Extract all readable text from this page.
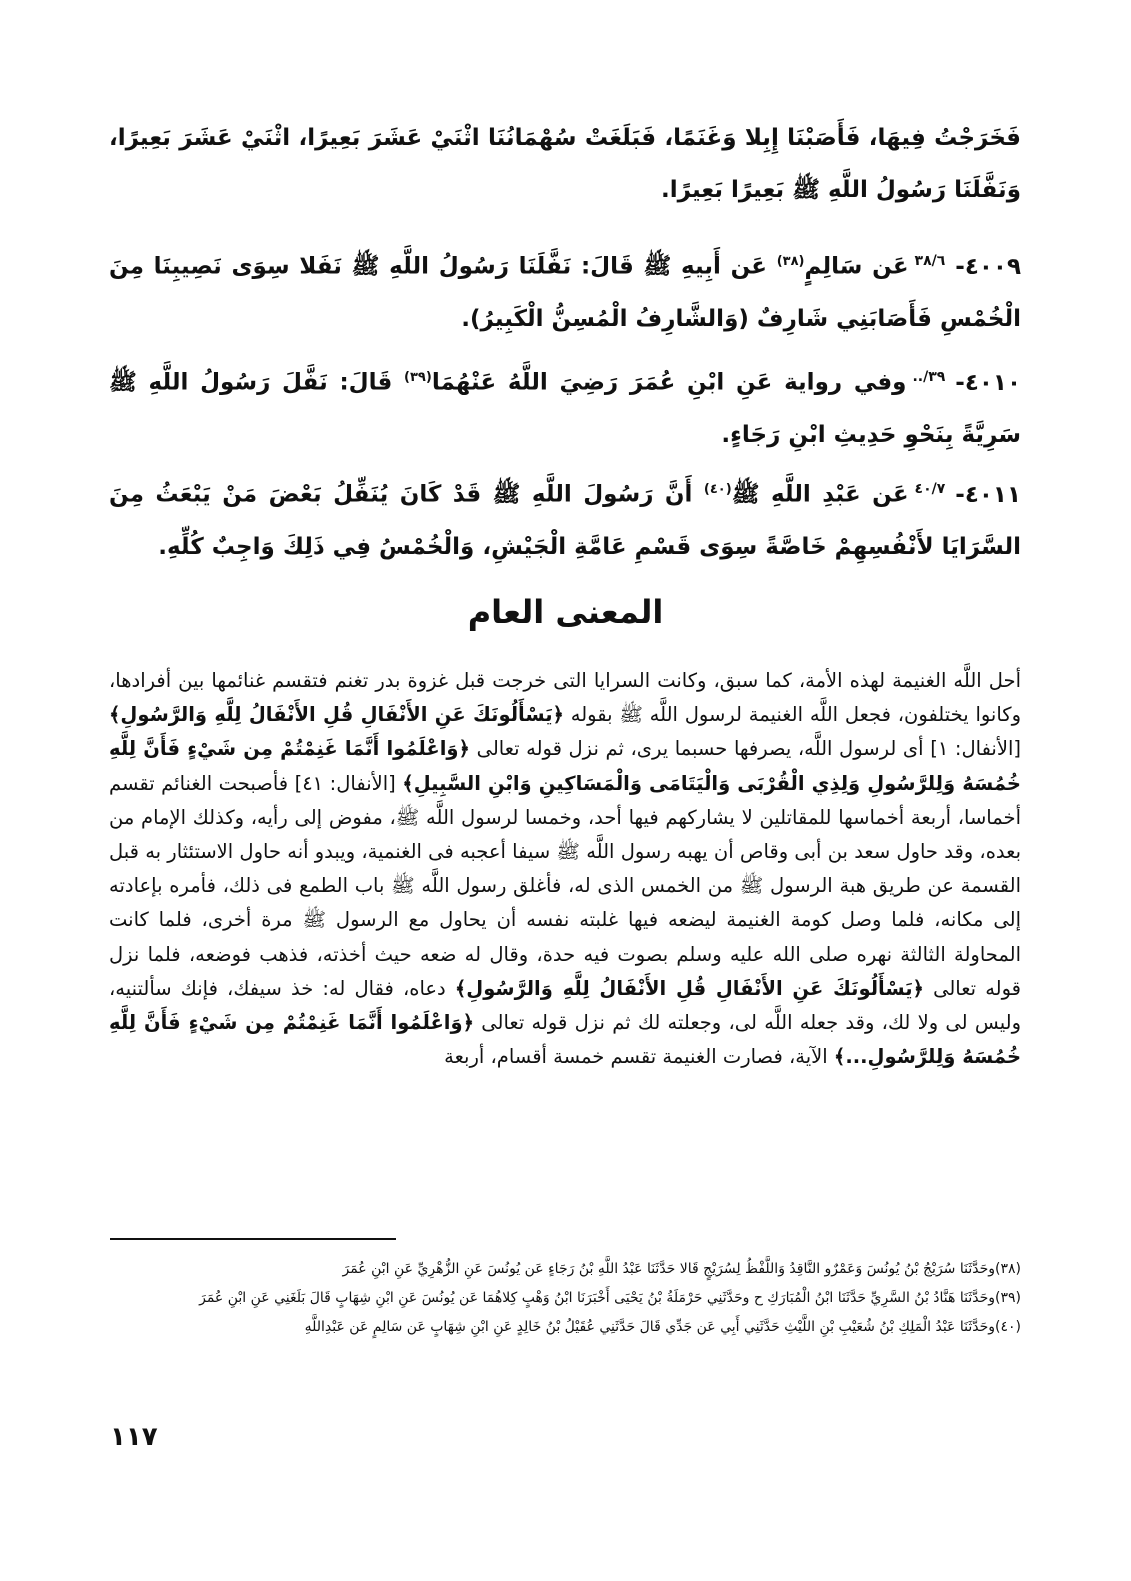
فَخَرَجْتُ فِيهَا، فَأَصَبْنَا إِبِلا وَغَنَمًا، فَبَلَغَتْ سُهْمَانُنَا اثْنَيْ عَشَرَ بَعِيرًا، اثْنَيْ عَشَرَ بَعِيرًا، وَنَفَّلَنَا رَسُولُ اللَّهِ ﷺ بَعِيرًا بَعِيرًا.
٤٠٠٩-٣٨/٦عَن سَالِمٍ$^{(٣٨)}$ عَن أَبِيهِ ﷺ قَالَ: نَفَّلَنَا رَسُولُ اللَّهِ ﷺ نَفَلا سِوَى نَصِيبِنَا مِنَ الْخُمْسِ فَأَصَابَنِي شَارِفٌ (وَالشَّارِفُ الْمُسِنُّ الْكَبِيرُ).
٤٠١٠-٣٩/..وفي رواية عَنِ ابْنِ عُمَرَ رَضِيَ اللَّهُ عَنْهُمَا$^{(٣٩)}$ قَالَ: نَفَّلَ رَسُولُ اللَّهِ ﷺ سَرِيَّةً بِنَحْوِ حَدِيثِ ابْنِ رَجَاءٍ.
٤٠١١-٤٠/٧عَن عَبْدِ اللَّهِ ﷺ$^{(٤٠)}$ أَنَّ رَسُولَ اللَّهِ ﷺ قَدْ كَانَ يُنَفِّلُ بَعْضَ مَنْ يَبْعَثُ مِنَ السَّرَايَا لأَنْفُسِهِمْ خَاصَّةً سِوَى قَسْمِ عَامَّةِ الْجَيْشِ، وَالْخُمْسُ فِي ذَلِكَ وَاجِبٌ كُلِّهِ.
المعنى العام

أحل اللَّه الغنيمة لهذه الأمة، كما سبق، وكانت السرايا التى خرجت قبل غزوة بدر تغنم فتقسم غنائمها بين أفرادها، وكانوا يختلفون، فجعل اللَّه الغنيمة لرسول اللَّه ﷺ بقوله ﴿يَسْأَلُونَكَ عَنِ الأَنْفَالِ قُلِ الأَنْفَالُ لِلَّهِ وَالرَّسُولِ﴾ [الأنفال: ١] أى لرسول اللَّه، يصرفها حسبما يرى، ثم نزل قوله تعالى ﴿وَاعْلَمُوا أَنَّمَا غَنِمْتُمْ مِن شَيْءٍ فَأَنَّ لِلَّهِ خُمُسَهُ وَلِلرَّسُولِ وَلِذِي الْقُرْبَى وَالْيَتَامَى وَالْمَسَاكِينِ وَابْنِ السَّبِيلِ﴾ [الأنفال: ٤١] فأصبحت الغنائم تقسم أخماسا، أربعة أخماسها للمقاتلين لا يشاركهم فيها أحد، وخمسا لرسول اللَّه ﷺ، مفوض إلى رأيه، وكذلك الإمام من بعده، وقد حاول سعد بن أبى وقاص أن يهبه رسول اللَّه ﷺ سيفا أعجبه فى الغنمية، ويبدو أنه حاول الاستئثار به قبل القسمة عن طريق هبة الرسول ﷺ من الخمس الذى له، فأغلق رسول اللَّه ﷺ باب الطمع فى ذلك، فأمره بإعادته إلى مكانه، فلما وصل كومة الغنيمة ليضعه فيها غلبته نفسه أن يحاول مع الرسول ﷺ مرة أخرى، فلما كانت المحاولة الثالثة نهره صلى الله عليه وسلم بصوت فيه حدة، وقال له ضعه حيث أخذته، فذهب فوضعه، فلما نزل قوله تعالى ﴿يَسْأَلُونَكَ عَنِ الأَنْفَالِ قُلِ الأَنْفَالُ لِلَّهِ وَالرَّسُولِ﴾ دعاه، فقال له: خذ سيفك، فإنك سألتنيه، وليس لى ولا لك، وقد جعله اللَّه لى، وجعلته لك ثم نزل قوله تعالى ﴿وَاعْلَمُوا أَنَّمَا غَنِمْتُمْ مِن شَيْءٍ فَأَنَّ لِلَّهِ خُمُسَهُ وَلِلرَّسُولِ...﴾ الآية، فصارت الغنيمة تقسم خمسة أقسام، أربعة

(٣٨)وحَدَّثَنَا سُرَيْجُ بْنُ يُونُسَ وَعَمْرٌو النَّاقِدُ وَاللَّفْظُ لِسُرَيْجٍ قَالا حَدَّثَنَا عَبْدُ اللَّهِ بْنُ رَجَاءٍ عَن يُونُسَ عَنِ الزُّهْرِيِّ عَنِ ابْنِ عُمَرَ

(٣٩)وحَدَّثَنَا هَنَّادُ بْنُ السَّرِيِّ حَدَّثَنَا ابْنُ الْمُبَارَكِ ح وحَدَّثَنِي حَرْمَلَةُ بْنُ يَحْيَى أَخْبَرَنَا ابْنُ وَهْبٍ كِلاهُمَا عَن يُونُسَ عَنِ ابْنِ شِهَابٍ قَالَ بَلَغَنِي عَنِ ابْنِ عُمَرَ

(٤٠)وحَدَّثَنَا عَبْدُ الْمَلِكِ بْنُ شُعَيْبِ بْنِ اللَّيْثِ حَدَّثَنِي أَبِي عَن جَدِّي قَالَ حَدَّثَنِي عُقَيْلُ بْنُ خَالِدٍ عَنِ ابْنِ شِهَابٍ عَن سَالِمٍ عَن عَبْدِاللَّهِ

١١٧
